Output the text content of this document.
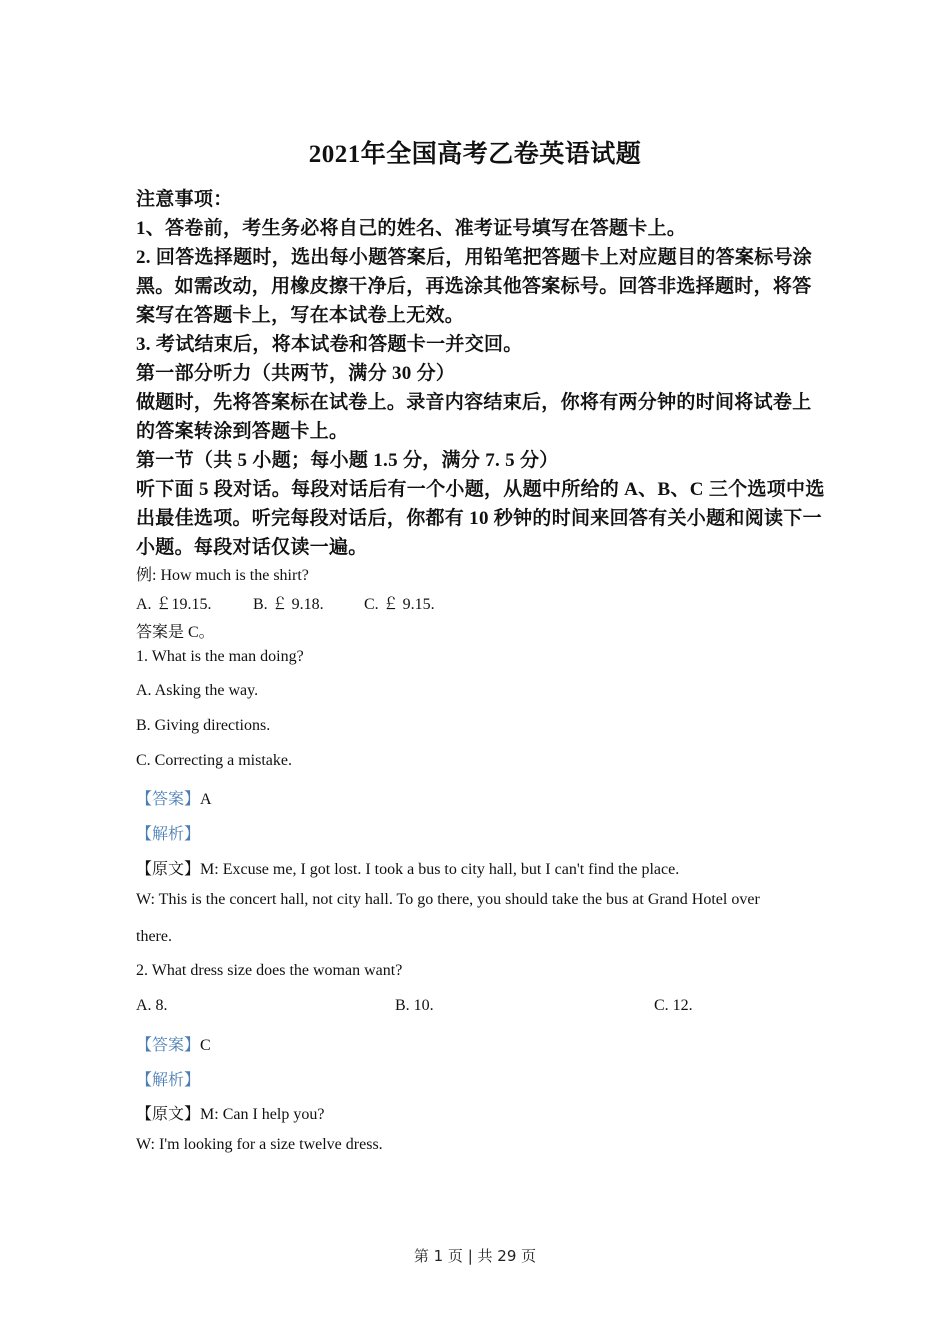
2021年全国高考乙卷英语试题
注意事项：
1、答卷前，考生务必将自己的姓名、准考证号填写在答题卡上。
2. 回答选择题时，选出每小题答案后，用铅笔把答题卡上对应题目的答案标号涂
黑。如需改动，用橡皮擦干净后，再选涂其他答案标号。回答非选择题时，将答
案写在答题卡上，写在本试卷上无效。
3. 考试结束后，将本试卷和答题卡一并交回。
第一部分听力（共两节，满分 30 分）
做题时，先将答案标在试卷上。录音内容结束后，你将有两分钟的时间将试卷上
的答案转涂到答题卡上。
第一节（共 5 小题；每小题 1.5 分，满分 7. 5 分）
听下面 5 段对话。每段对话后有一个小题，从题中所给的 A、B、C 三个选项中选
出最佳选项。听完每段对话后，你都有 10 秒钟的时间来回答有关小题和阅读下一
小题。每段对话仅读一遍。
例: How much is the shirt?
A. ￡19.15.	B. ￡ 9.18.	C. ￡ 9.15.
答案是 C。
1. What is the man doing?
A. Asking the way.
B. Giving directions.
C. Correcting a mistake.
【答案】A
【解析】
【原文】M: Excuse me, I got lost. I took a bus to city hall, but I can't find the place.
W: This is the concert hall, not city hall. To go there, you should take the bus at Grand Hotel over
there.
2. What dress size does the woman want?
A. 8.	B. 10.	C. 12.
【答案】C
【解析】
【原文】M: Can I help you?
W: I'm looking for a size twelve dress.
第 1 页 | 共 29 页
